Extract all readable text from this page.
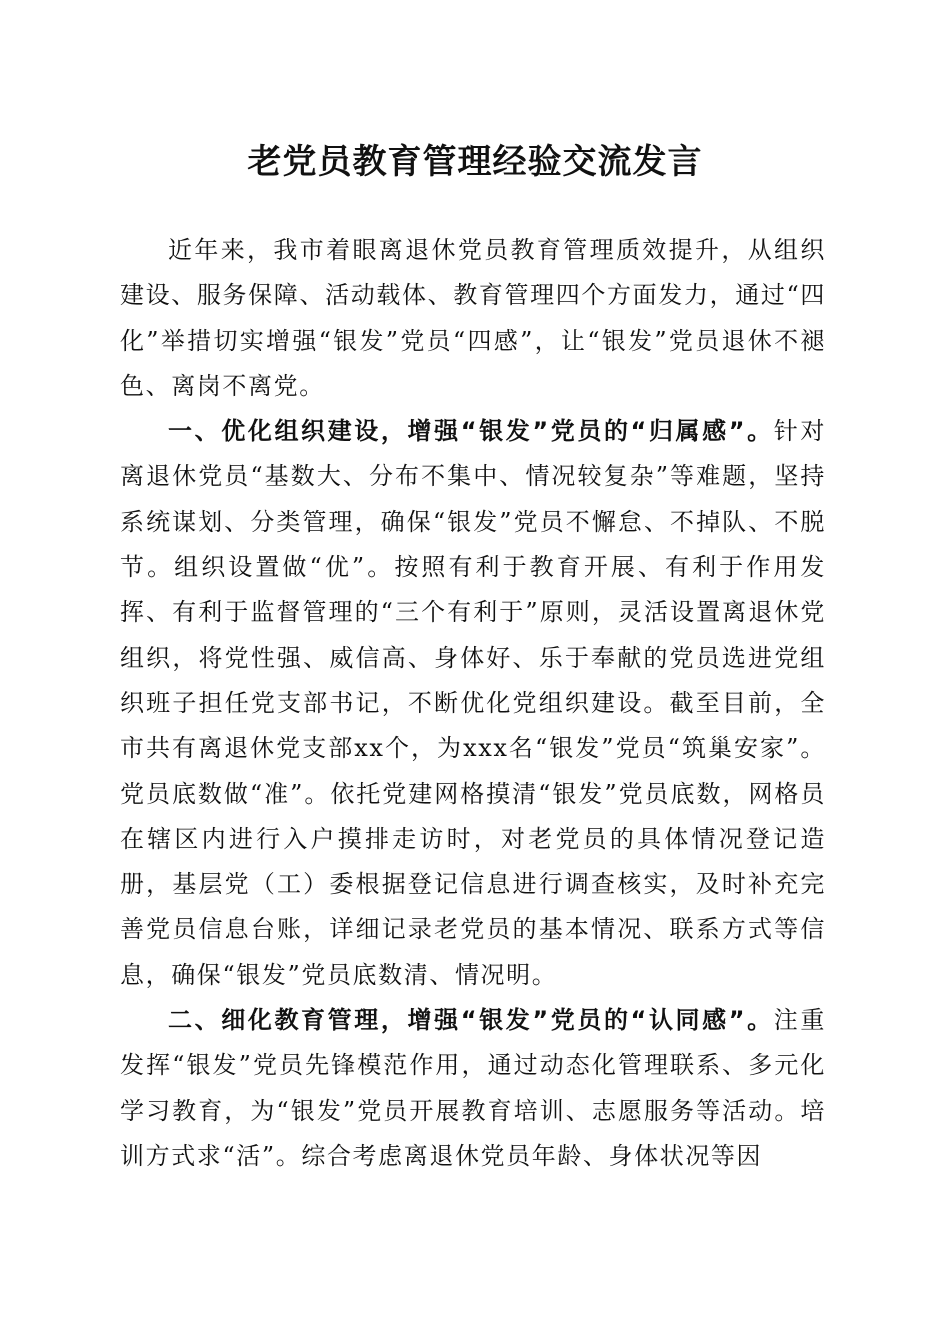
老党员教育管理经验交流发言

近年来，我市着眼离退休党员教育管理质效提升，从组织建设、服务保障、活动载体、教育管理四个方面发力，通过“四化”举措切实增强“银发”党员“四感”，让“银发”党员退休不褪色、离岗不离党。

一、优化组织建设，增强“银发”党员的“归属感”。针对离退休党员“基数大、分布不集中、情况较复杂”等难题，坚持系统谋划、分类管理，确保“银发”党员不懈怠、不掉队、不脱节。组织设置做“优”。按照有利于教育开展、有利于作用发挥、有利于监督管理的“三个有利于”原则，灵活设置离退休党组织，将党性强、威信高、身体好、乐于奉献的党员选进党组织班子担任党支部书记，不断优化党组织建设。截至目前，全市共有离退休党支部xx个，为xxx名“银发”党员“筑巢安家”。党员底数做“准”。依托党建网格摸清“银发”党员底数，网格员在辖区内进行入户摸排走访时，对老党员的具体情况登记造册，基层党（工）委根据登记信息进行调查核实，及时补充完善党员信息台账，详细记录老党员的基本情况、联系方式等信息，确保“银发”党员底数清、情况明。

二、细化教育管理，增强“银发”党员的“认同感”。注重发挥“银发”党员先锋模范作用，通过动态化管理联系、多元化学习教育，为“银发”党员开展教育培训、志愿服务等活动。培训方式求“活”。综合考虑离退休党员年龄、身体状况等因
